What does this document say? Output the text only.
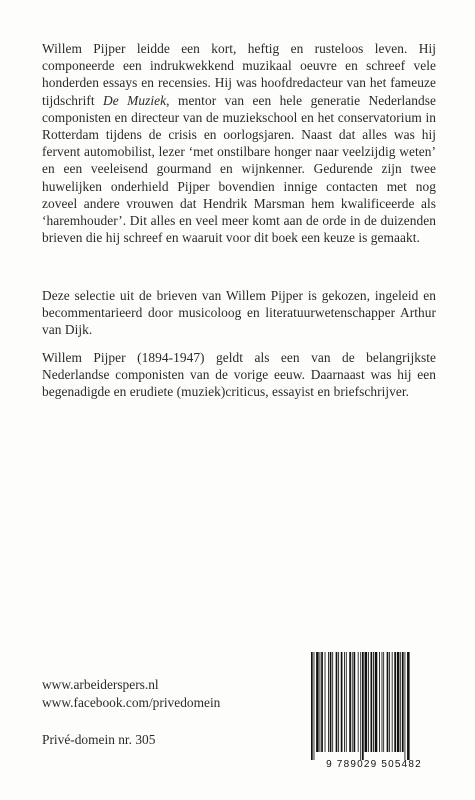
Willem Pijper leidde een kort, heftig en rusteloos leven. Hij componeerde een indrukwekkend muzikaal oeuvre en schreef vele honderden essays en recensies. Hij was hoofdredacteur van het fameuze tijdschrift De Muziek, mentor van een hele generatie Nederlandse componisten en directeur van de muziekschool en het conservatorium in Rotterdam tijdens de crisis en oorlogsjaren. Naast dat alles was hij fervent automobilist, lezer ‘met onstilbare honger naar veelzijdig weten’ en een veeleisend gourmand en wijnkenner. Gedurende zijn twee huwelijken onderhield Pijper bovendien innige contacten met nog zoveel andere vrouwen dat Hendrik Marsman hem kwalificeerde als ‘haremhouder’. Dit alles en veel meer komt aan de orde in de duizenden brieven die hij schreef en waaruit voor dit boek een keuze is gemaakt.

Deze selectie uit de brieven van Willem Pijper is gekozen, ingeleid en becommentarieerd door musicoloog en literatuurwetenschapper Arthur van Dijk.

Willem Pijper (1894-1947) geldt als een van de belangrijkste Nederlandse componisten van de vorige eeuw. Daarnaast was hij een begenadigde en erudiete (muziek)criticus, essayist en briefschrijver.

www.arbeiderspers.nl
www.facebook.com/privedomein
Privé-domein nr. 305
9 789029 505482
